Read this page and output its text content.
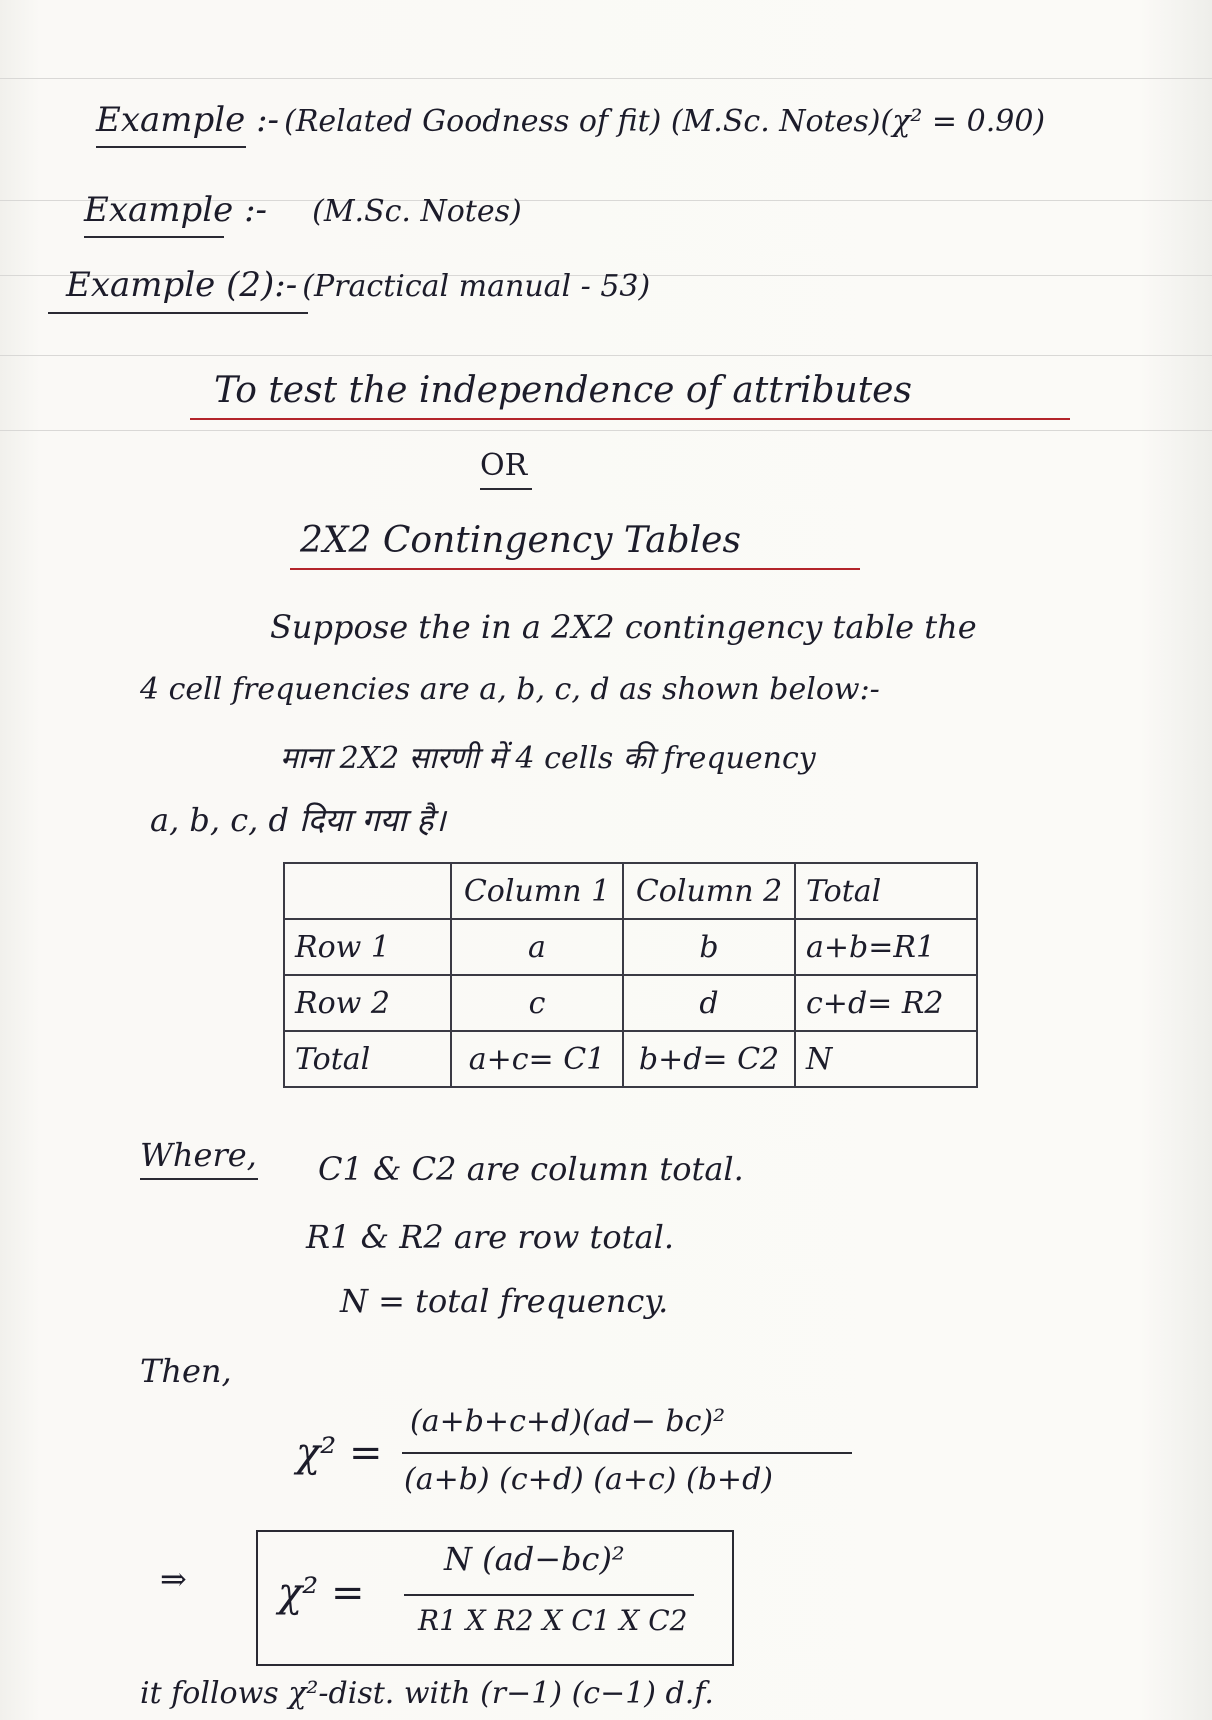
Example :- (Related Goodness of fit) (M.Sc. Notes)(χ² = 0.90)
Example :- (M.Sc. Notes)
Example (2):- (Practical manual - 53)
To test the independence of attributes
OR
2X2 Contingency Tables
Suppose the in a 2X2 contingency table the
4 cell frequencies are a, b, c, d as shown below:-
माना 2X2 सारणी में 4 cells की frequency
a, b, c, d दिया गया है।
	Column 1	Column 2	Total
Row 1	a	b	a+b=R1
Row 2	c	d	c+d= R2
Total	a+c= C1	b+d= C2	N
Where, C1 & C2 are column total.
R1 & R2 are row total.
N = total frequency.
Then,
χ² =
(a+b+c+d)(ad− bc)²
(a+b) (c+d) (a+c) (b+d)
⇒ χ² =
N (ad−bc)²
R1 X R2 X C1 X C2
it follows χ²-dist. with (r−1) (c−1) d.f.
